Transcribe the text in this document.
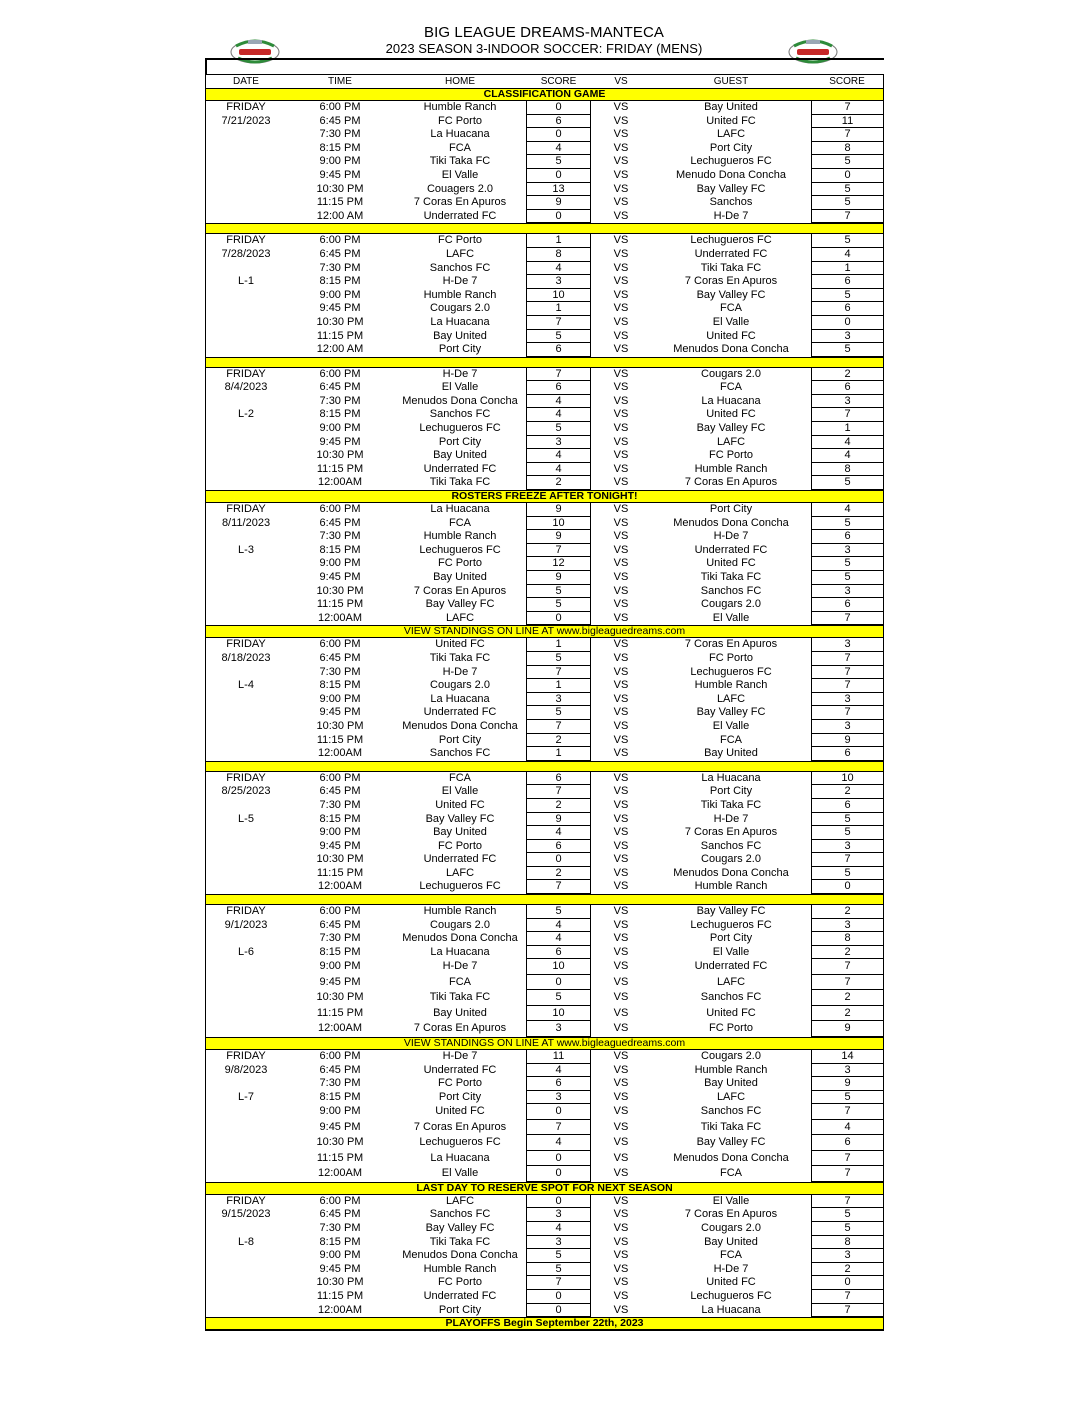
BIG LEAGUE DREAMS-MANTECA
2023 SEASON 3-INDOOR SOCCER: FRIDAY (MENS)
DATE	TIME	HOME	SCORE	VS	GUEST	SCORE
CLASSIFICATION GAME
FRIDAY	6:00 PM	Humble Ranch	0	VS	Bay United	7
7/21/2023	6:45 PM	FC Porto	6	VS	United FC	11
7:30 PM	La Huacana	0	VS	LAFC	7
8:15 PM	FCA	4	VS	Port City	8
9:00 PM	Tiki Taka FC	5	VS	Lechugueros FC	5
9:45 PM	El Valle	0	VS	Menudo Dona Concha	0
10:30 PM	Couagers 2.0	13	VS	Bay Valley FC	5
11:15 PM	7 Coras En Apuros	9	VS	Sanchos	5
12:00 AM	Underrated FC	0	VS	H-De 7	7
FRIDAY	6:00 PM	FC Porto	1	VS	Lechugueros FC	5
7/28/2023	6:45 PM	LAFC	8	VS	Underrated FC	4
7:30 PM	Sanchos FC	4	VS	Tiki Taka FC	1
L-1	8:15 PM	H-De 7	3	VS	7 Coras En Apuros	6
9:00 PM	Humble Ranch	10	VS	Bay Valley FC	5
9:45 PM	Cougars 2.0	1	VS	FCA	6
10:30 PM	La Huacana	7	VS	El Valle	0
11:15 PM	Bay United	5	VS	United FC	3
12:00 AM	Port City	6	VS	Menudos Dona Concha	5
FRIDAY	6:00 PM	H-De 7	7	VS	Cougars 2.0	2
8/4/2023	6:45 PM	El Valle	6	VS	FCA	6
7:30 PM	Menudos Dona Concha	4	VS	La Huacana	3
L-2	8:15 PM	Sanchos FC	4	VS	United FC	7
9:00 PM	Lechugueros FC	5	VS	Bay Valley FC	1
9:45 PM	Port City	3	VS	LAFC	4
10:30 PM	Bay United	4	VS	FC Porto	4
11:15 PM	Underrated FC	4	VS	Humble Ranch	8
12:00AM	Tiki Taka FC	2	VS	7 Coras En Apuros	5
ROSTERS FREEZE AFTER TONIGHT!
FRIDAY	6:00 PM	La Huacana	9	VS	Port City	4
8/11/2023	6:45 PM	FCA	10	VS	Menudos Dona Concha	5
7:30 PM	Humble Ranch	9	VS	H-De 7	6
L-3	8:15 PM	Lechugueros FC	7	VS	Underrated FC	3
9:00 PM	FC Porto	12	VS	United FC	5
9:45 PM	Bay United	9	VS	Tiki Taka FC	5
10:30 PM	7 Coras En Apuros	5	VS	Sanchos FC	3
11:15 PM	Bay Valley FC	5	VS	Cougars 2.0	6
12:00AM	LAFC	0	VS	El Valle	7
VIEW STANDINGS ON LINE AT www.bigleaguedreams.com
FRIDAY	6:00 PM	United FC	1	VS	7 Coras En Apuros	3
8/18/2023	6:45 PM	Tiki Taka FC	5	VS	FC Porto	7
7:30 PM	H-De 7	7	VS	Lechugueros FC	7
L-4	8:15 PM	Cougars 2.0	1	VS	Humble Ranch	7
9:00 PM	La Huacana	3	VS	LAFC	3
9:45 PM	Underrated FC	5	VS	Bay Valley FC	7
10:30 PM	Menudos Dona Concha	7	VS	El Valle	3
11:15 PM	Port City	2	VS	FCA	9
12:00AM	Sanchos FC	1	VS	Bay United	6
FRIDAY	6:00 PM	FCA	6	VS	La Huacana	10
8/25/2023	6:45 PM	El Valle	7	VS	Port City	2
7:30 PM	United FC	2	VS	Tiki Taka FC	6
L-5	8:15 PM	Bay Valley FC	9	VS	H-De 7	5
9:00 PM	Bay United	4	VS	7 Coras En Apuros	5
9:45 PM	FC Porto	6	VS	Sanchos FC	3
10:30 PM	Underrated FC	0	VS	Cougars 2.0	7
11:15 PM	LAFC	2	VS	Menudos Dona Concha	5
12:00AM	Lechugueros FC	7	VS	Humble Ranch	0
FRIDAY	6:00 PM	Humble Ranch	5	VS	Bay Valley FC	2
9/1/2023	6:45 PM	Cougars 2.0	4	VS	Lechugueros FC	3
7:30 PM	Menudos Dona Concha	4	VS	Port City	8
L-6	8:15 PM	La Huacana	6	VS	El Valle	2
9:00 PM	H-De 7	10	VS	Underrated FC	7
9:45 PM	FCA	0	VS	LAFC	7
10:30 PM	Tiki Taka FC	5	VS	Sanchos FC	2
11:15 PM	Bay United	10	VS	United FC	2
12:00AM	7 Coras En Apuros	3	VS	FC Porto	9
VIEW STANDINGS ON LINE AT www.bigleaguedreams.com
FRIDAY	6:00 PM	H-De 7	11	VS	Cougars 2.0	14
9/8/2023	6:45 PM	Underrated FC	4	VS	Humble Ranch	3
7:30 PM	FC Porto	6	VS	Bay United	9
L-7	8:15 PM	Port City	3	VS	LAFC	5
9:00 PM	United FC	0	VS	Sanchos FC	7
9:45 PM	7 Coras En Apuros	7	VS	Tiki Taka FC	4
10:30 PM	Lechugueros FC	4	VS	Bay Valley FC	6
11:15 PM	La Huacana	0	VS	Menudos Dona Concha	7
12:00AM	El Valle	0	VS	FCA	7
LAST DAY TO RESERVE SPOT FOR NEXT SEASON
FRIDAY	6:00 PM	LAFC	0	VS	El Valle	7
9/15/2023	6:45 PM	Sanchos FC	3	VS	7 Coras En Apuros	5
7:30 PM	Bay Valley FC	4	VS	Cougars 2.0	5
L-8	8:15 PM	Tiki Taka FC	3	VS	Bay United	8
9:00 PM	Menudos Dona Concha	5	VS	FCA	3
9:45 PM	Humble Ranch	5	VS	H-De 7	2
10:30 PM	FC Porto	7	VS	United FC	0
11:15 PM	Underrated FC	0	VS	Lechugueros FC	7
12:00AM	Port City	0	VS	La Huacana	7
PLAYOFFS Begin September 22th, 2023
